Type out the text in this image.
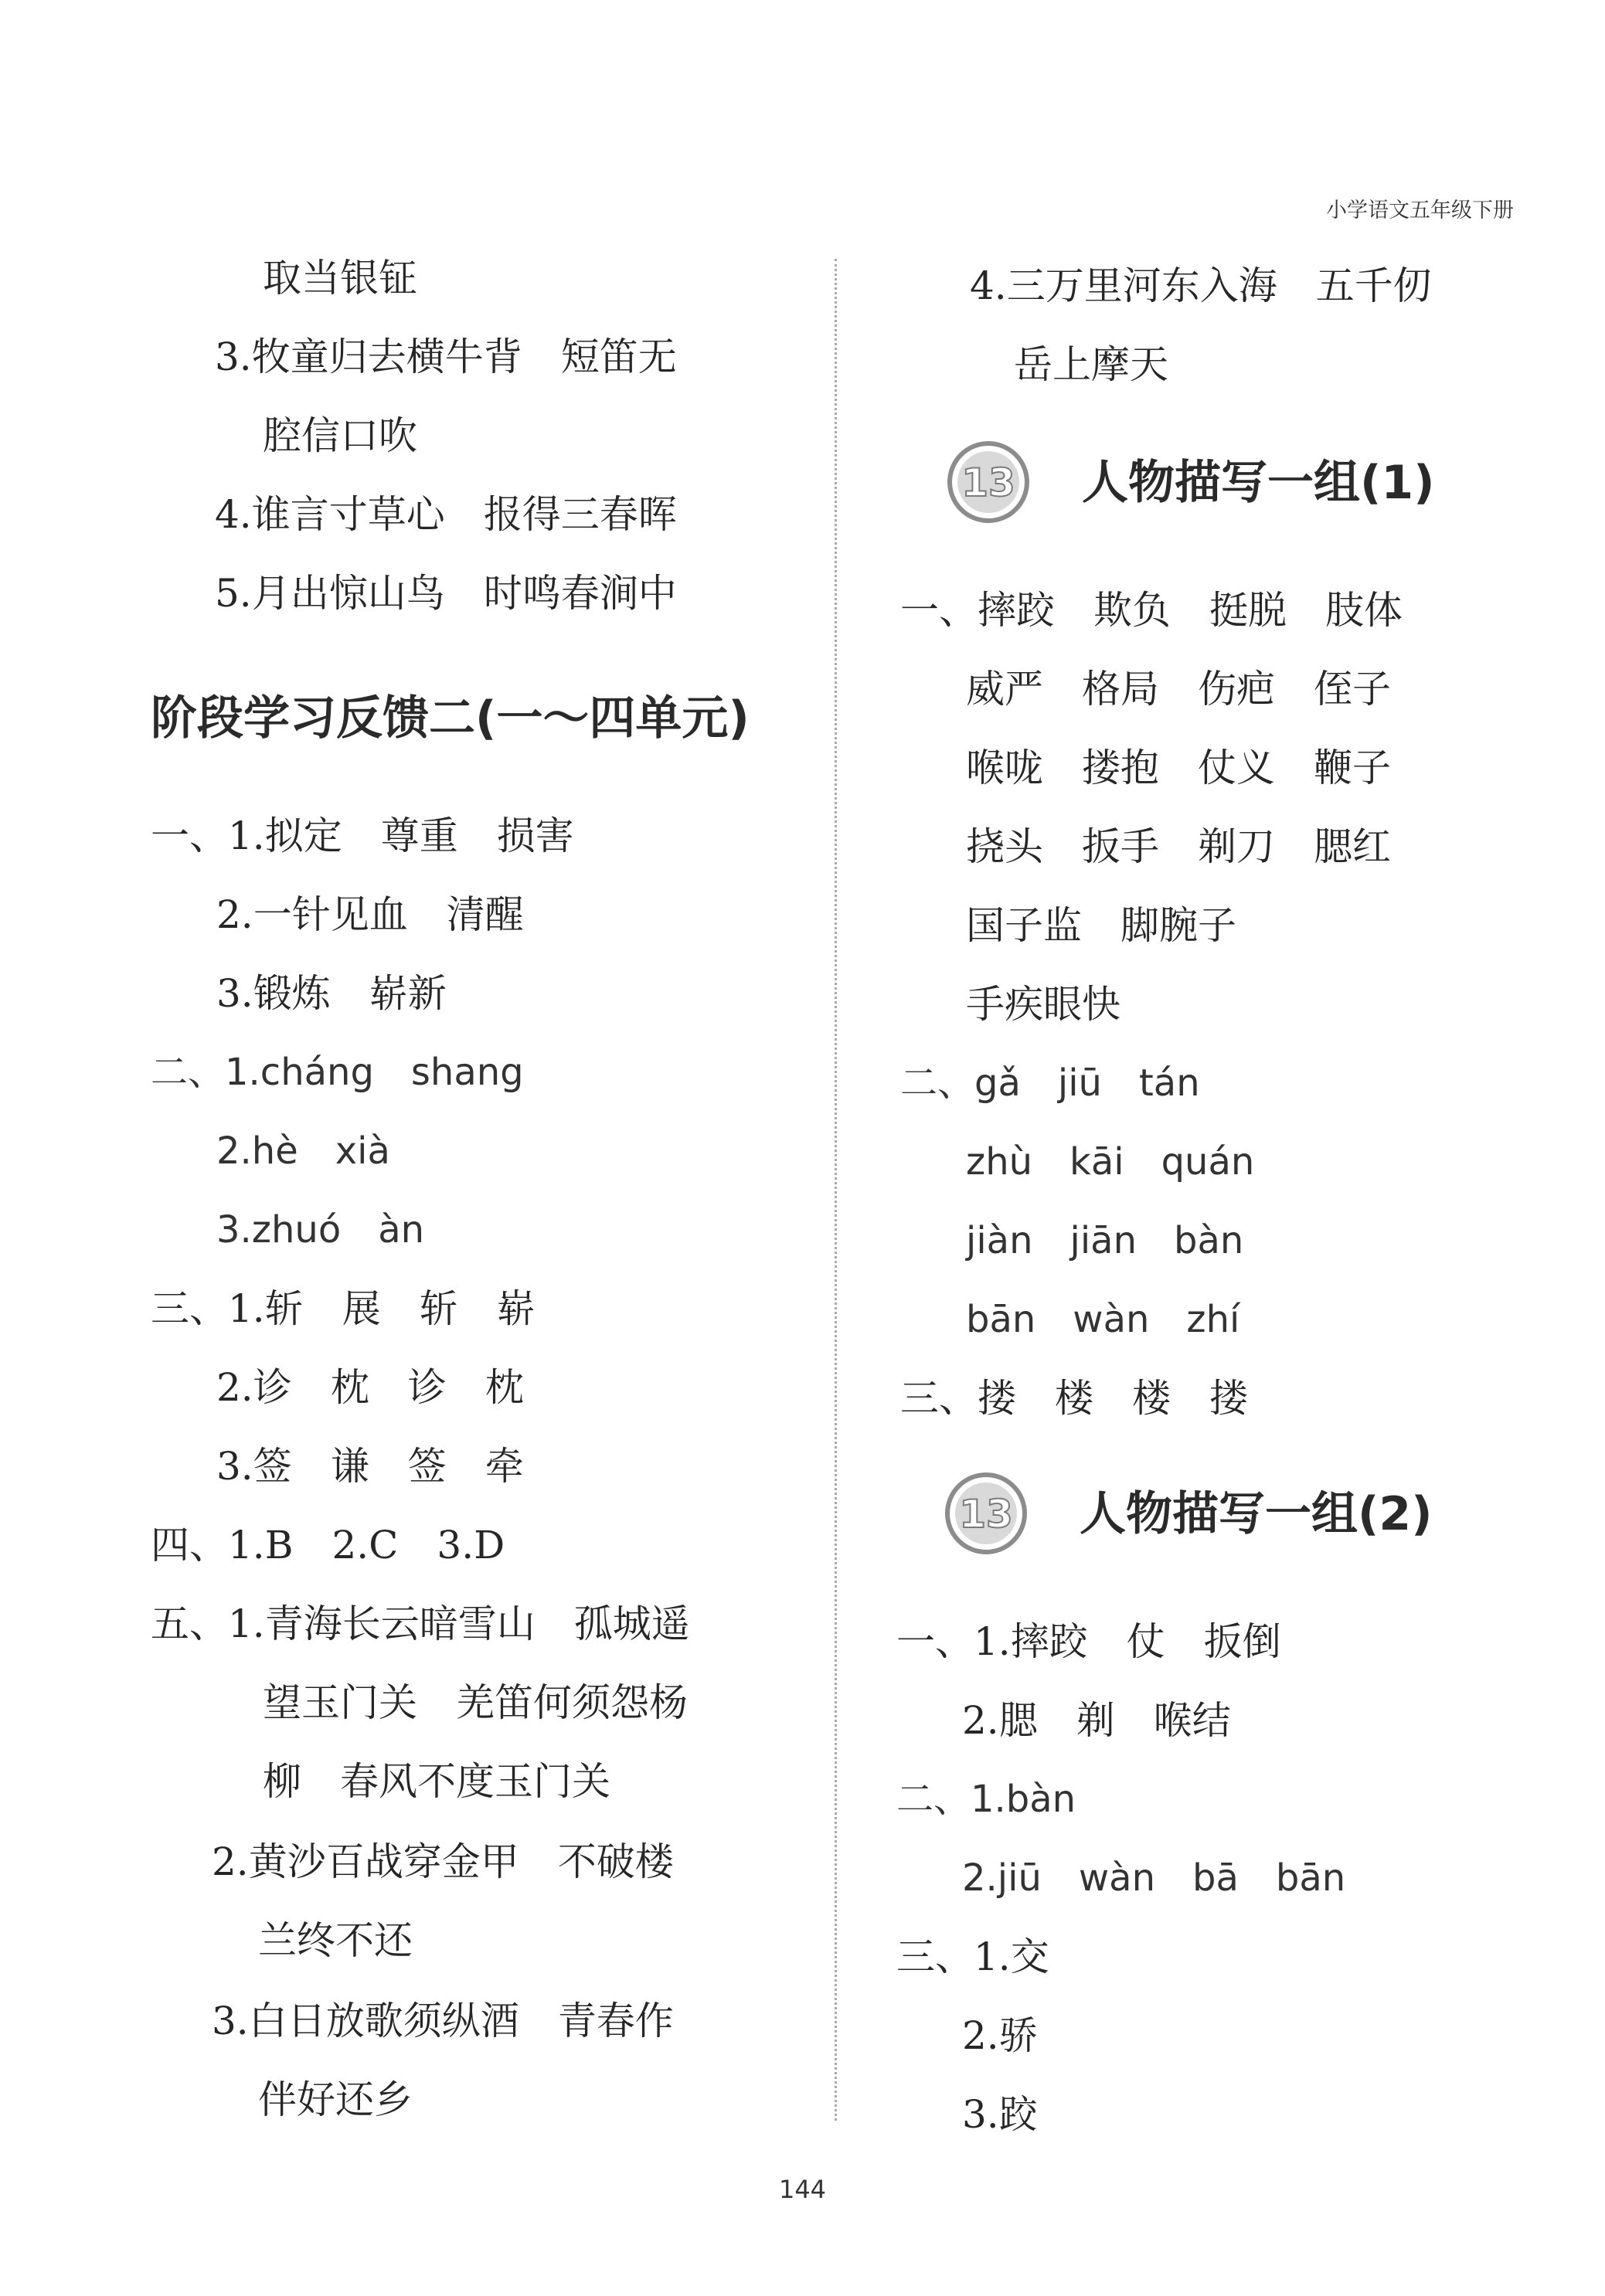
小学语文五年级下册
取当银钲
3.牧童归去横牛背　短笛无
腔信口吹
4.谁言寸草心　报得三春晖
5.月出惊山鸟　时鸣春涧中
阶段学习反馈二(一～四单元)
一、1.拟定　尊重　损害
2.一针见血　清醒
3.锻炼　崭新
二、1.cháng　shang
2.hè　xià
3.zhuó　àn
三、1.斩　展　斩　崭
2.诊　枕　诊　枕
3.签　谦　签　牵
四、1.B　2.C　3.D
五、1.青海长云暗雪山　孤城遥
望玉门关　羌笛何须怨杨
柳　春风不度玉门关
2.黄沙百战穿金甲　不破楼
兰终不还
3.白日放歌须纵酒　青春作
伴好还乡
4.三万里河东入海　五千仞
岳上摩天
13 人物描写一组(1)
一、摔跤　欺负　挺脱　肢体
威严　格局　伤疤　侄子
喉咙　搂抱　仗义　鞭子
挠头　扳手　剃刀　腮红
国子监　脚腕子
手疾眼快
二、gǎ　jiū　tán
zhù　kāi　quán
jiàn　jiān　bàn
bān　wàn　zhí
三、搂　楼　楼　搂
13 人物描写一组(2)
一、1.摔跤　仗　扳倒
2.腮　剃　喉结
二、1.bàn
2.jiū　wàn　bā　bān
三、1.交
2.骄
3.跤
144
